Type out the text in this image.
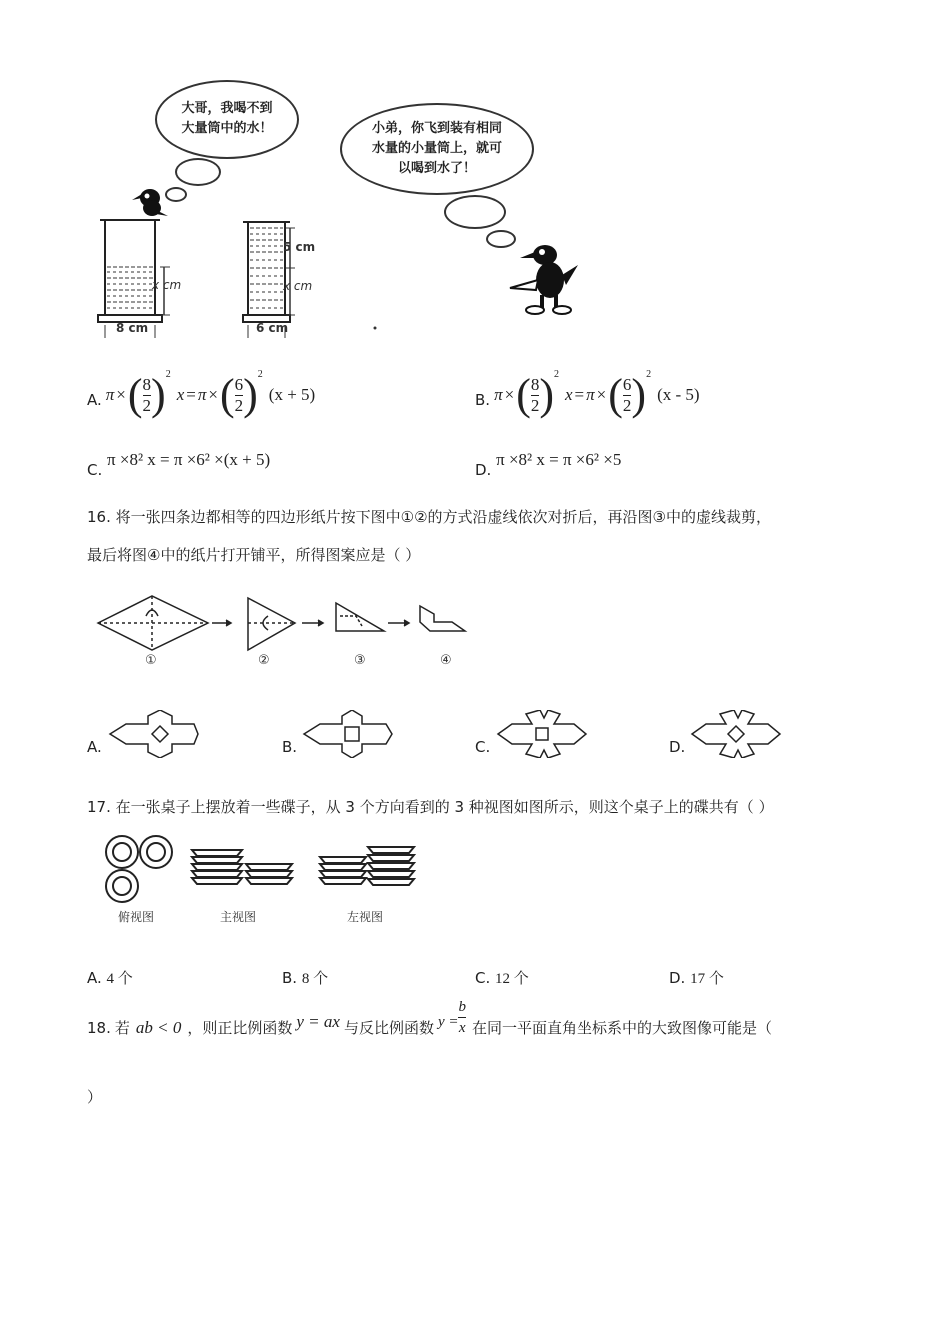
大哥，我喝不到
大量筒中的水！	小弟，你飞到装有相同
水量的小量筒上，就可
以喝到水了！
x cm
8 cm
5 cm
x cm
6 cm
A. π × ( $\frac{8}{2} )^2$
x = π × ( $\frac{6}{2} )^2$
(x + 5)	B. π × ( $\frac{8}{2} )^2$
x = π × ( $\frac{6}{2} )^2$
(x - 5)
C. π ×8² x = π ×6² ×(x + 5)
D. π ×8² x = π ×6² ×5
16. 将一张四条边都相等的四边形纸片按下图中①②的方式沿虚线依次对折后，再沿图③中的虚线裁剪，
最后将图④中的纸片打开铺平，所得图案应是（ ）
①	②	③	④
A.	B.	C.	D.
17. 在一张桌子上摆放着一些碟子，从 3 个方向看到的 3 种视图如图所示，则这个桌子上的碟共有（ ）
俯视图	主视图	左视图
A. 4 个	B. 8 个	C. 12 个	D. 17 个
18. 若 ab < 0 ，则正比例函数 y = ax 与反比例函数 $y = \frac{b}{x}$ 在同一平面直角坐标系中的大致图像可能是（
）
